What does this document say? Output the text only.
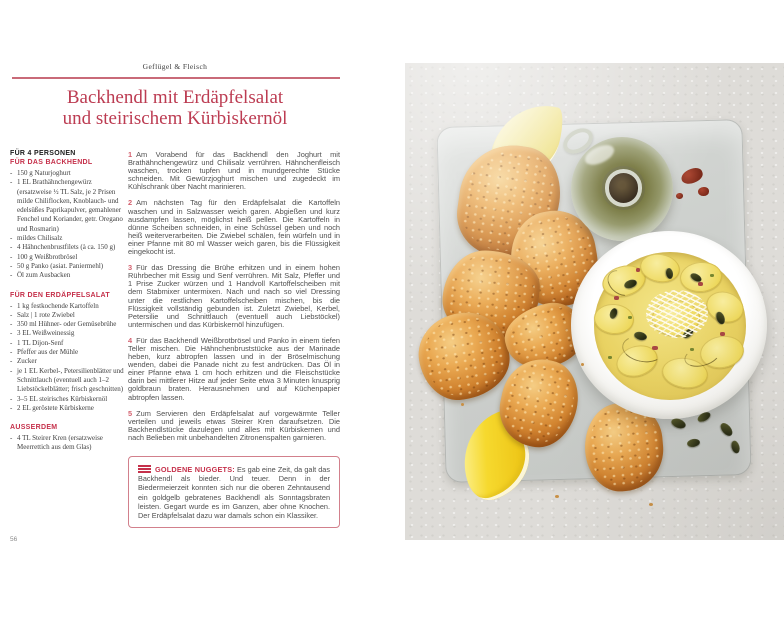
Geflügel & Fleisch
Backhendl mit Erdäpfelsalat
und steirischem Kürbiskernöl
FÜR 4 PERSONEN
FÜR DAS BACKHENDL
- 150 g Naturjoghurt
- 1 EL Brathähnchengewürz (ersatzweise ½ TL Salz, je 2 Prisen milde Chiliflocken, Knoblauch- und edelsüßes Paprikapulver, gemahlener Fenchel und Koriander, getr. Oregano und Rosmarin)
- mildes Chilisalz
- 4 Hähnchenbrustfilets (à ca. 150 g)
- 100 g Weißbrotbrösel
- 50 g Panko (asiat. Paniermehl)
- Öl zum Ausbacken
FÜR DEN ERDÄPFELSALAT
- 1 kg festkochende Kartoffeln
- Salz | 1 rote Zwiebel
- 350 ml Hühner- oder Gemüsebrühe
- 3 EL Weißweinessig
- 1 TL Dijon-Senf
- Pfeffer aus der Mühle
- Zucker
- je 1 EL Kerbel-, Petersilienblätter und Schnittlauch (eventuell auch 1–2 Liebstöckelblätter; frisch geschnitten)
- 3–5 EL steirisches Kürbiskernöl
- 2 EL geröstete Kürbiskerne
AUSSERDEM
- 4 TL Steirer Kren (ersatzweise Meerrettich aus dem Glas)

1 Am Vorabend für das Backhendl den Joghurt mit Brathähnchengewürz und Chilisalz verrühren. Hähnchenfleisch waschen, trocken tupfen und in mundgerechte Stücke schneiden. Mit Gewürzjoghurt mischen und zugedeckt im Kühlschrank über Nacht marinieren.

2 Am nächsten Tag für den Erdäpfelsalat die Kartoffeln waschen und in Salzwasser weich garen. Abgießen und kurz ausdampfen lassen, möglichst heiß pellen. Die Kartoffeln in dünne Scheiben schneiden, in eine Schüssel geben und noch heiß weiterverarbeiten. Die Zwiebel schälen, fein würfeln und in einer Pfanne mit 80 ml Wasser weich garen, bis die Flüssigkeit eingekocht ist.

3 Für das Dressing die Brühe erhitzen und in einem hohen Rührbecher mit Essig und Senf verrühren. Mit Salz, Pfeffer und 1 Prise Zucker würzen und 1 Handvoll Kartoffelscheiben mit dem Stabmixer untermixen. Nach und nach so viel Dressing unter die restlichen Kartoffelscheiben mischen, bis die Flüssigkeit vollständig gebunden ist. Zuletzt Zwiebel, Kerbel, Petersilie und Schnittlauch (eventuell auch Liebstöckel) untermischen und das Kürbiskernöl hinzufügen.

4 Für das Backhendl Weißbrotbrösel und Panko in einem tiefen Teller mischen. Die Hähnchenbruststücke aus der Marinade heben, kurz abtropfen lassen und in der Bröselmischung wenden, dabei die Panade nicht zu fest andrücken. Das Öl in einer Pfanne etwa 1 cm hoch erhitzen und die Fleischstücke darin bei mittlerer Hitze auf jeder Seite etwa 3 Minuten knusprig goldbraun braten. Herausnehmen und auf Küchenpapier abtropfen lassen.

5 Zum Servieren den Erdäpfelsalat auf vorgewärmte Teller verteilen und jeweils etwas Steirer Kren daraufsetzen. Die Backhendlstücke dazulegen und alles mit Kürbiskernen und nach Belieben mit unbehandelten Zitronenspalten garnieren.

GOLDENE NUGGETS: Es gab eine Zeit, da galt das Backhendl als bieder. Und teuer. Denn in der Biedermeierzeit konnten sich nur die oberen Zehntausend ein goldgelb gebratenes Backhendl als Sonntagsbraten leisten. Gegart wurde es im Ganzen, aber ohne Knochen. Der Erdäpfelsalat dazu war damals schon ein Klassiker.
56
